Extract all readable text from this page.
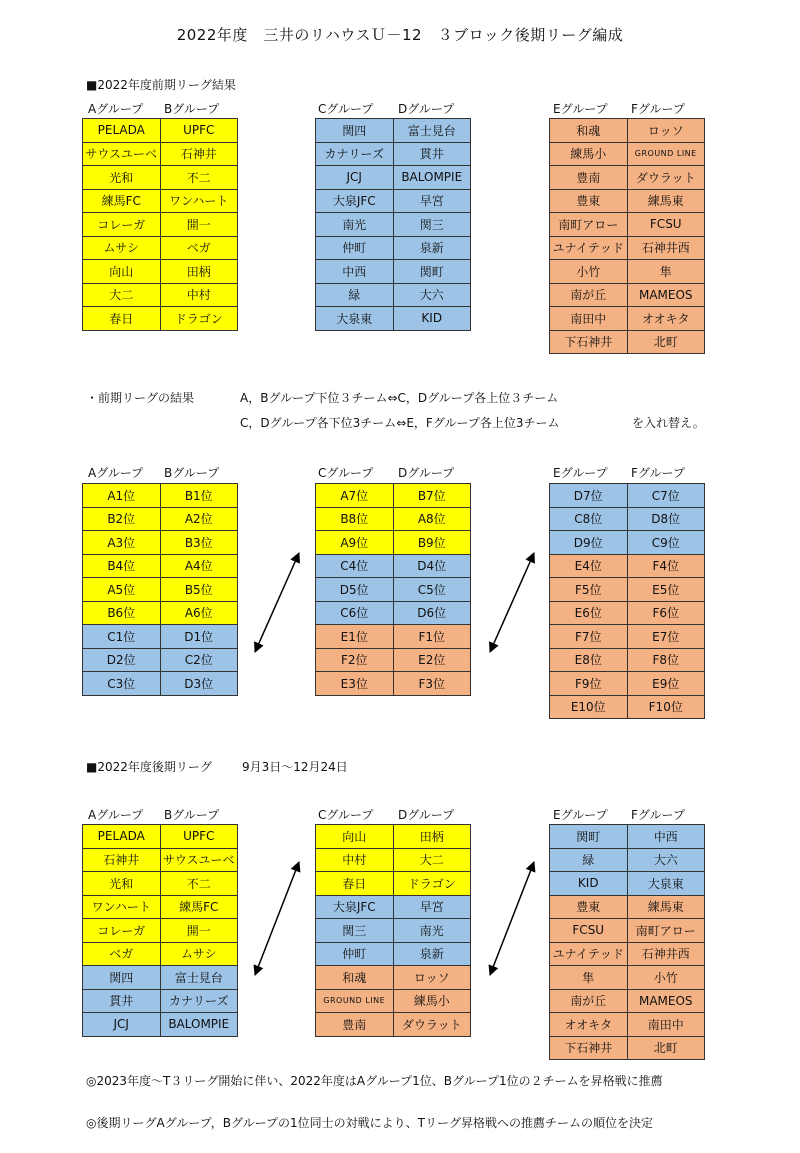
2022年度　三井のリハウスＵ－12　３ブロック後期リーグ編成
■2022年度前期リーグ結果
Aグループ Bグループ	Cグループ Dグループ	Eグループ Fグループ
PELADA	UPFC
サウスユーベ	石神井
光和	不二
練馬FC	ワンハート
コレーガ	開一
ムサシ	ベガ
向山	田柄
大二	中村
春日	ドラゴン
関四	富士見台
カナリーズ	貫井
JCJ	BALOMPIE
大泉JFC	早宮
南光	関三
仲町	泉新
中西	関町
緑	大六
大泉東	KID
和魂	ロッソ
練馬小	GROUND LINE
豊南	ダウラット
豊東	練馬東
南町アロー	FCSU
ユナイテッド	石神井西
小竹	隼
南が丘	MAMEOS
南田中	オオキタ
下石神井	北町
・前期リーグの結果	A，Bグループ下位３チーム⇔C，Dグループ各上位３チーム
C，Dグループ各下位3チーム⇔E，Fグループ各上位3チーム	を入れ替え。
Aグループ Bグループ	Cグループ Dグループ	Eグループ Fグループ
A1位	B1位
B2位	A2位
A3位	B3位
B4位	A4位
A5位	B5位
B6位	A6位
C1位	D1位
D2位	C2位
C3位	D3位
A7位	B7位
B8位	A8位
A9位	B9位
C4位	D4位
D5位	C5位
C6位	D6位
E1位	F1位
F2位	E2位
E3位	F3位
D7位	C7位
C8位	D8位
D9位	C9位
E4位	F4位
F5位	E5位
E6位	F6位
F7位	E7位
E8位	F8位
F9位	E9位
E10位	F10位
■2022年度後期リーグ	9月3日〜12月24日
Aグループ Bグループ	Cグループ Dグループ	Eグループ Fグループ
PELADA	UPFC
石神井	サウスユーベ
光和	不二
ワンハート	練馬FC
コレーガ	開一
ベガ	ムサシ
関四	富士見台
貫井	カナリーズ
JCJ	BALOMPIE
向山	田柄
中村	大二
春日	ドラゴン
大泉JFC	早宮
関三	南光
仲町	泉新
和魂	ロッソ
GROUND LINE	練馬小
豊南	ダウラット
関町	中西
緑	大六
KID	大泉東
豊東	練馬東
FCSU	南町アロー
ユナイテッド	石神井西
隼	小竹
南が丘	MAMEOS
オオキタ	南田中
下石神井	北町
◎2023年度〜T３リーグ開始に伴い、2022年度はAグループ1位、Bグループ1位の２チームを昇格戦に推薦
◎後期リーグAグループ，Bグループの1位同士の対戦により、Tリーグ昇格戦への推薦チームの順位を決定
